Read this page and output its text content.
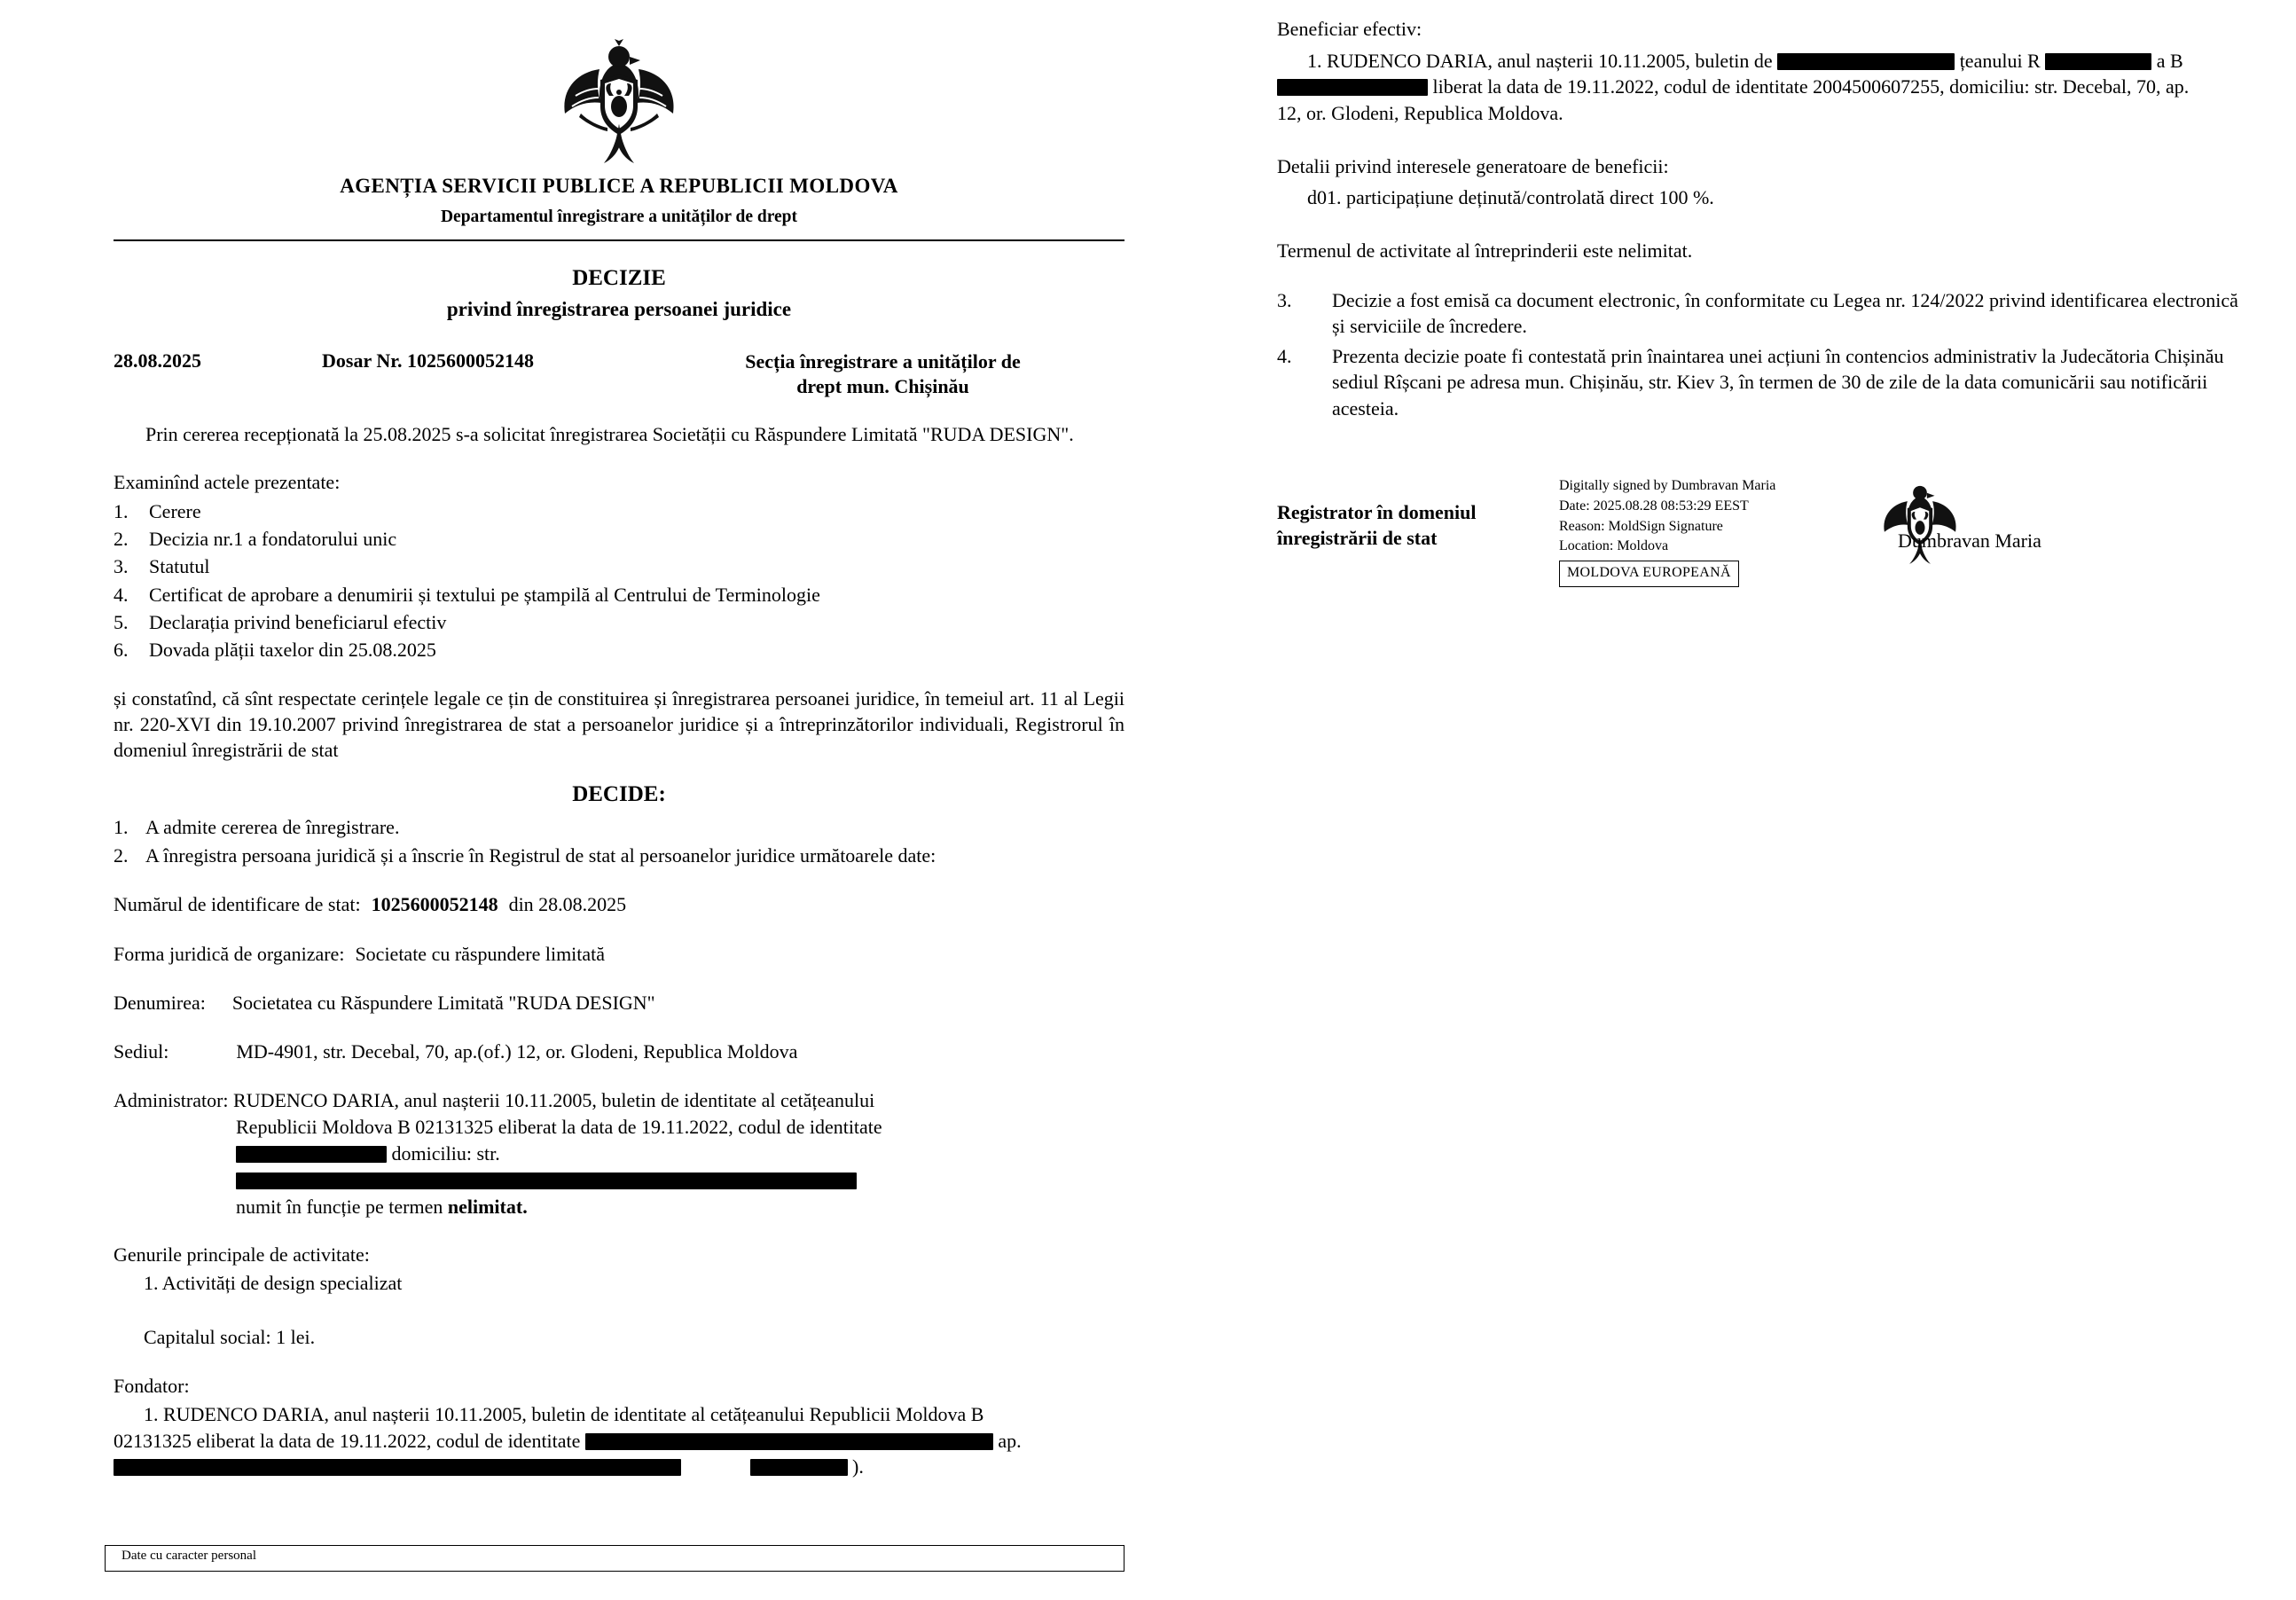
AGENȚIA SERVICII PUBLICE A REPUBLICII MOLDOVA
Departamentul înregistrare a unităților de drept
DECIZIE
privind înregistrarea persoanei juridice
28.08.2025	Dosar Nr. 1025600052148	Secția înregistrare a unităților de
drept mun. Chișinău
Prin cererea recepționată la 25.08.2025 s-a solicitat înregistrarea Societății cu Răspundere Limitată "RUDA DESIGN".
Examinînd actele prezentate:
1.	Cerere
2.	Decizia nr.1 a fondatorului unic
3.	Statutul
4.	Certificat de aprobare a denumirii și textului pe ștampilă al Centrului de Terminologie
5.	Declarația privind beneficiarul efectiv
6.	Dovada plății taxelor din 25.08.2025
și constatînd, că sînt respectate cerințele legale ce țin de constituirea și înregistrarea persoanei juridice, în temeiul art. 11 al Legii nr. 220-XVI din 19.10.2007 privind înregistrarea de stat a persoanelor juridice și a întreprinzătorilor individuali, Registrorul în domeniul înregistrării de stat
DECIDE:
1. A admite cererea de înregistrare.
2. A înregistra persoana juridică și a înscrie în Registrul de stat al persoanelor juridice următoarele date:
Numărul de identificare de stat: 1025600052148 din 28.08.2025
Forma juridică de organizare: Societate cu răspundere limitată
Denumirea: Societatea cu Răspundere Limitată "RUDA DESIGN"
Sediul:	MD-4901, str. Decebal, 70, ap.(of.) 12, or. Glodeni, Republica Moldova
Administrator: RUDENCO DARIA, anul nașterii 10.11.2005, buletin de identitate al cetățeanului
Republicii Moldova B 02131325 eliberat la data de 19.11.2022, codul de identitate
domiciliu: str.
numit în funcție pe termen nelimitat.
Genurile principale de activitate:
1. Activități de design specializat
Capitalul social: 1 lei.
Fondator:
1. RUDENCO DARIA, anul nașterii 10.11.2005, buletin de identitate al cetățeanului Republicii Moldova B
02131325 eliberat la data de 19.11.2022, codul de identitate	ap.
).
Date cu caracter personal
Beneficiar efectiv:
1. RUDENCO DARIA, anul nașterii 10.11.2005, buletin de	țeanului R	a B
liberat la data de 19.11.2022, codul de identitate 2004500607255, domiciliu: str. Decebal, 70, ap.
12, or. Glodeni, Republica Moldova.
Detalii privind interesele generatoare de beneficii:
d01. participațiune deținută/controlată direct 100 %.
Termenul de activitate al întreprinderii este nelimitat.
3.	Decizie a fost emisă ca document electronic, în conformitate cu Legea nr. 124/2022 privind identificarea electronică și serviciile de încredere.
4.	Prezenta decizie poate fi contestată prin înaintarea unei acțiuni în contencios administrativ la Judecătoria Chișinău sediul Rîșcani pe adresa mun. Chișinău, str. Kiev 3, în termen de 30 de zile de la data comunicării sau notificării acesteia.
Registrator în domeniul
înregistrării de stat
Digitally signed by Dumbravan Maria
Date: 2025.08.28 08:53:29 EEST
Reason: MoldSign Signature
Location: Moldova
MOLDOVA EUROPEANĂ
Dumbravan Maria
